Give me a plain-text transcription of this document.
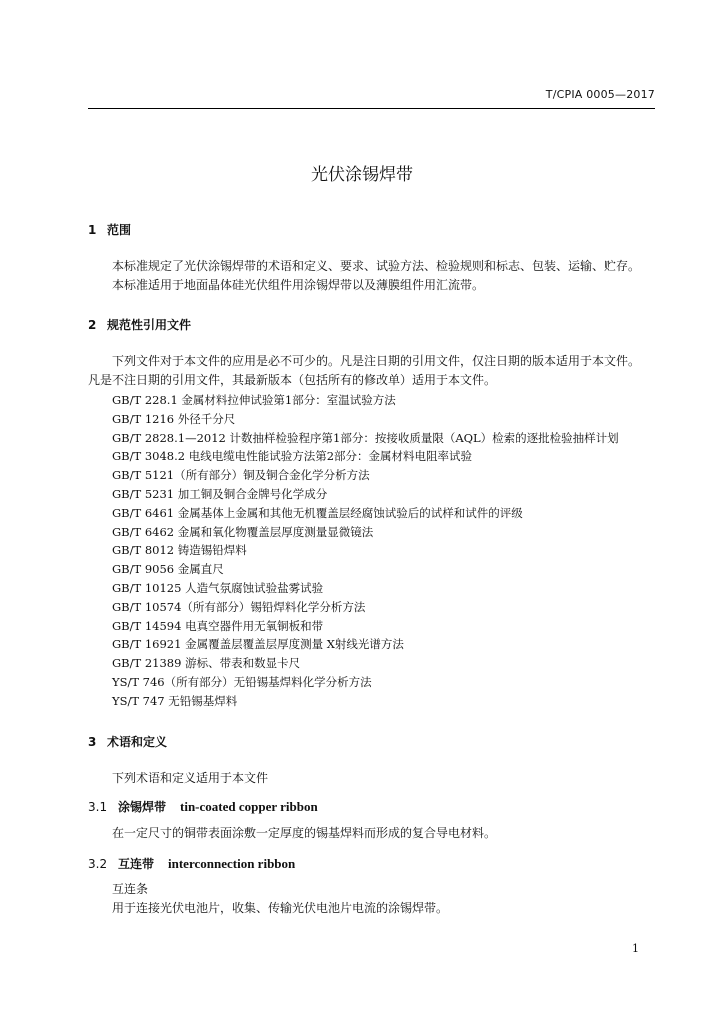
T/CPIA 0005—2017
光伏涂锡焊带
1 范围
本标准规定了光伏涂锡焊带的术语和定义、要求、试验方法、检验规则和标志、包装、运输、贮存。
本标准适用于地面晶体硅光伏组件用涂锡焊带以及薄膜组件用汇流带。
2 规范性引用文件
下列文件对于本文件的应用是必不可少的。凡是注日期的引用文件，仅注日期的版本适用于本文件。
凡是不注日期的引用文件，其最新版本（包括所有的修改单）适用于本文件。
GB/T 228.1 金属材料拉伸试验第1部分：室温试验方法
GB/T 1216 外径千分尺
GB/T 2828.1—2012 计数抽样检验程序第1部分：按接收质量限（AQL）检索的逐批检验抽样计划
GB/T 3048.2 电线电缆电性能试验方法第2部分：金属材料电阻率试验
GB/T 5121（所有部分）铜及铜合金化学分析方法
GB/T 5231 加工铜及铜合金牌号化学成分
GB/T 6461 金属基体上金属和其他无机覆盖层经腐蚀试验后的试样和试件的评级
GB/T 6462 金属和氧化物覆盖层厚度测量显微镜法
GB/T 8012 铸造锡铅焊料
GB/T 9056 金属直尺
GB/T 10125 人造气氛腐蚀试验盐雾试验
GB/T 10574（所有部分）锡铅焊料化学分析方法
GB/T 14594 电真空器件用无氧铜板和带
GB/T 16921 金属覆盖层覆盖层厚度测量 X射线光谱方法
GB/T 21389 游标、带表和数显卡尺
YS/T 746（所有部分）无铅锡基焊料化学分析方法
YS/T 747 无铅锡基焊料
3 术语和定义
下列术语和定义适用于本文件
3.1 涂锡焊带 tin-coated copper ribbon
在一定尺寸的铜带表面涂敷一定厚度的锡基焊料而形成的复合导电材料。
3.2 互连带 interconnection ribbon
互连条
用于连接光伏电池片，收集、传输光伏电池片电流的涂锡焊带。
1
